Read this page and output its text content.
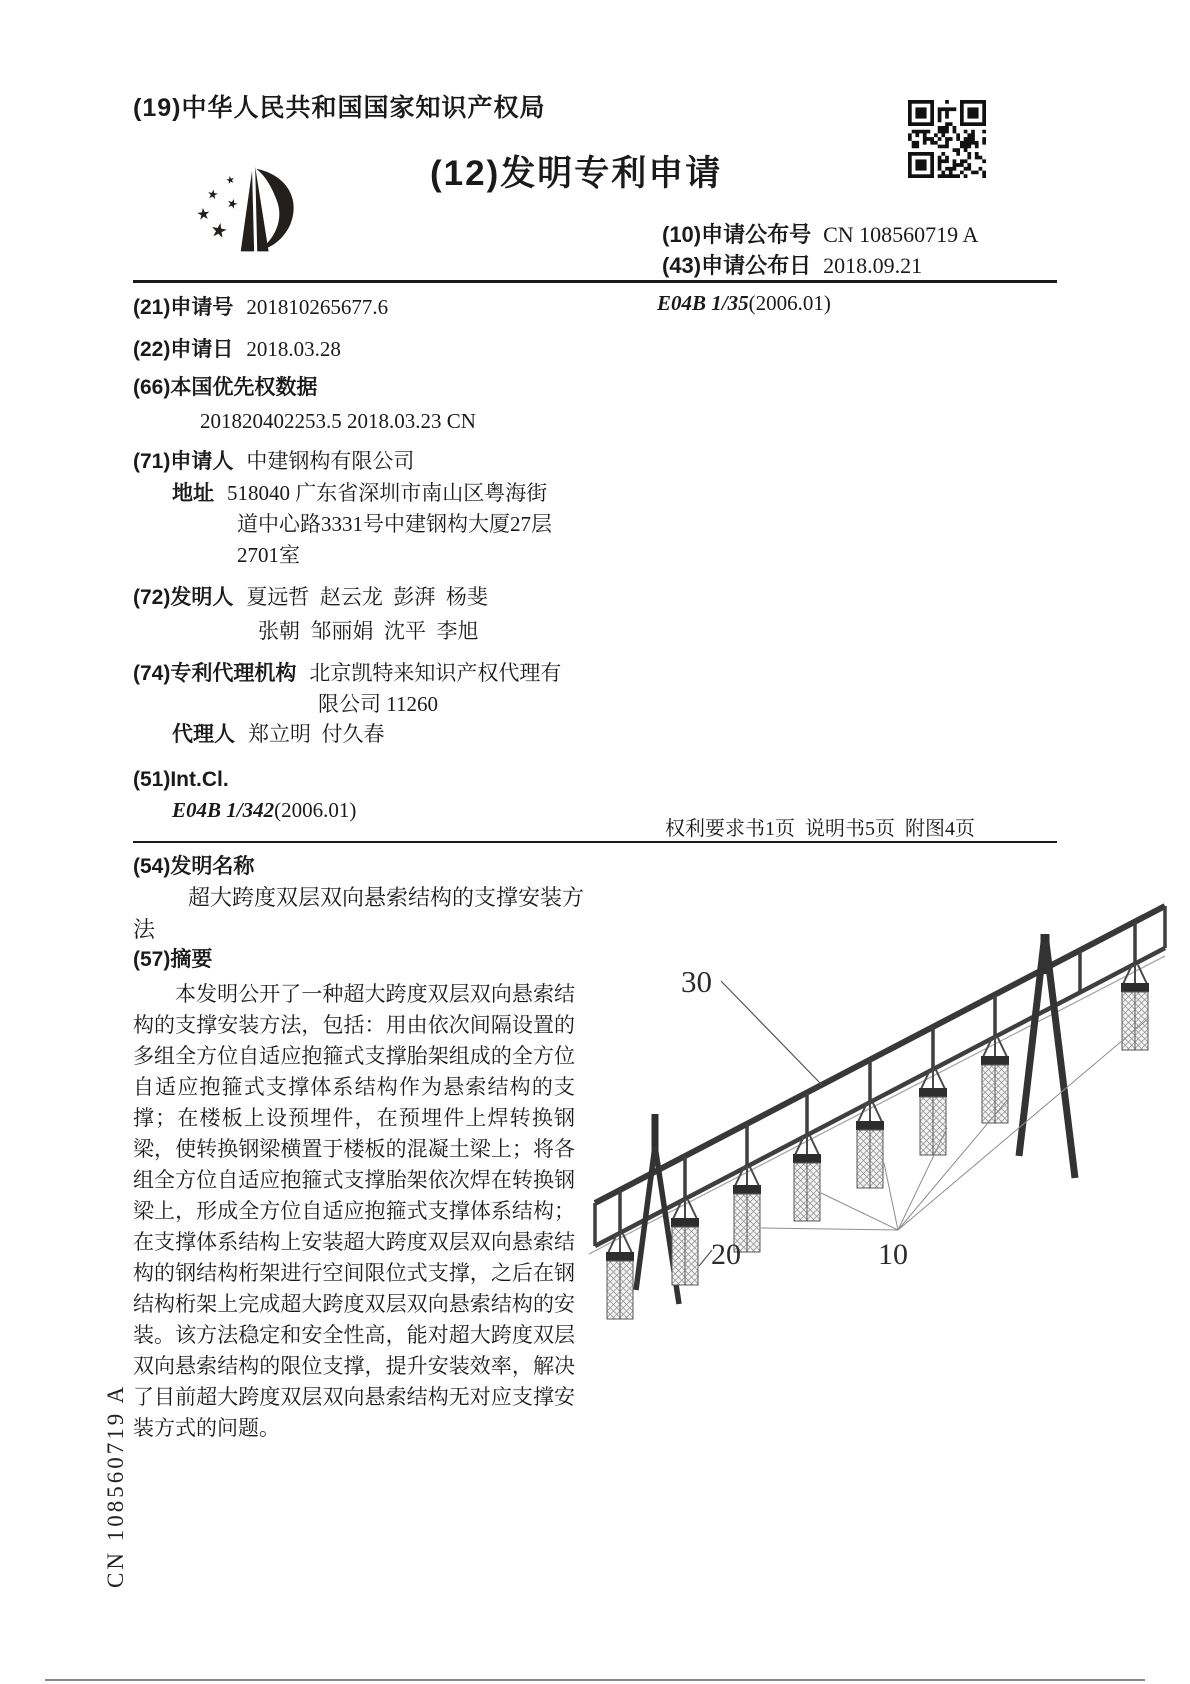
(19)中华人民共和国国家知识产权局
(12)发明专利申请
(10)申请公布号 CN 108560719 A
(43)申请公布日 2018.09.21
(21)申请号 201810265677.6
(22)申请日 2018.03.28
(66)本国优先权数据
201820402253.5 2018.03.23 CN
(71)申请人 中建钢构有限公司
地址 518040 广东省深圳市南山区粤海街
道中心路3331号中建钢构大厦27层
2701室
(72)发明人 夏远哲  赵云龙  彭湃  杨斐
张朝  邹丽娟  沈平  李旭
(74)专利代理机构 北京凯特来知识产权代理有
限公司 11260
代理人 郑立明  付久春
(51)Int.Cl.
E04B 1/342(2006.01)
E04B 1/35(2006.01)
权利要求书1页  说明书5页  附图4页
(54)发明名称
超大跨度双层双向悬索结构的支撑安装方
法
(57)摘要
本发明公开了一种超大跨度双层双向悬索结构的支撑安装方法，包括：用由依次间隔设置的多组全方位自适应抱箍式支撑胎架组成的全方位自适应抱箍式支撑体系结构作为悬索结构的支撑；在楼板上设预埋件，在预埋件上焊转换钢梁，使转换钢梁横置于楼板的混凝土梁上；将各组全方位自适应抱箍式支撑胎架依次焊在转换钢梁上，形成全方位自适应抱箍式支撑体系结构；在支撑体系结构上安装超大跨度双层双向悬索结构的钢结构桁架进行空间限位式支撑，之后在钢结构桁架上完成超大跨度双层双向悬索结构的安装。该方法稳定和安全性高，能对超大跨度双层双向悬索结构的限位支撑，提升安装效率，解决了目前超大跨度双层双向悬索结构无对应支撑安装方式的问题。
30
20	10
CN 108560719 A
